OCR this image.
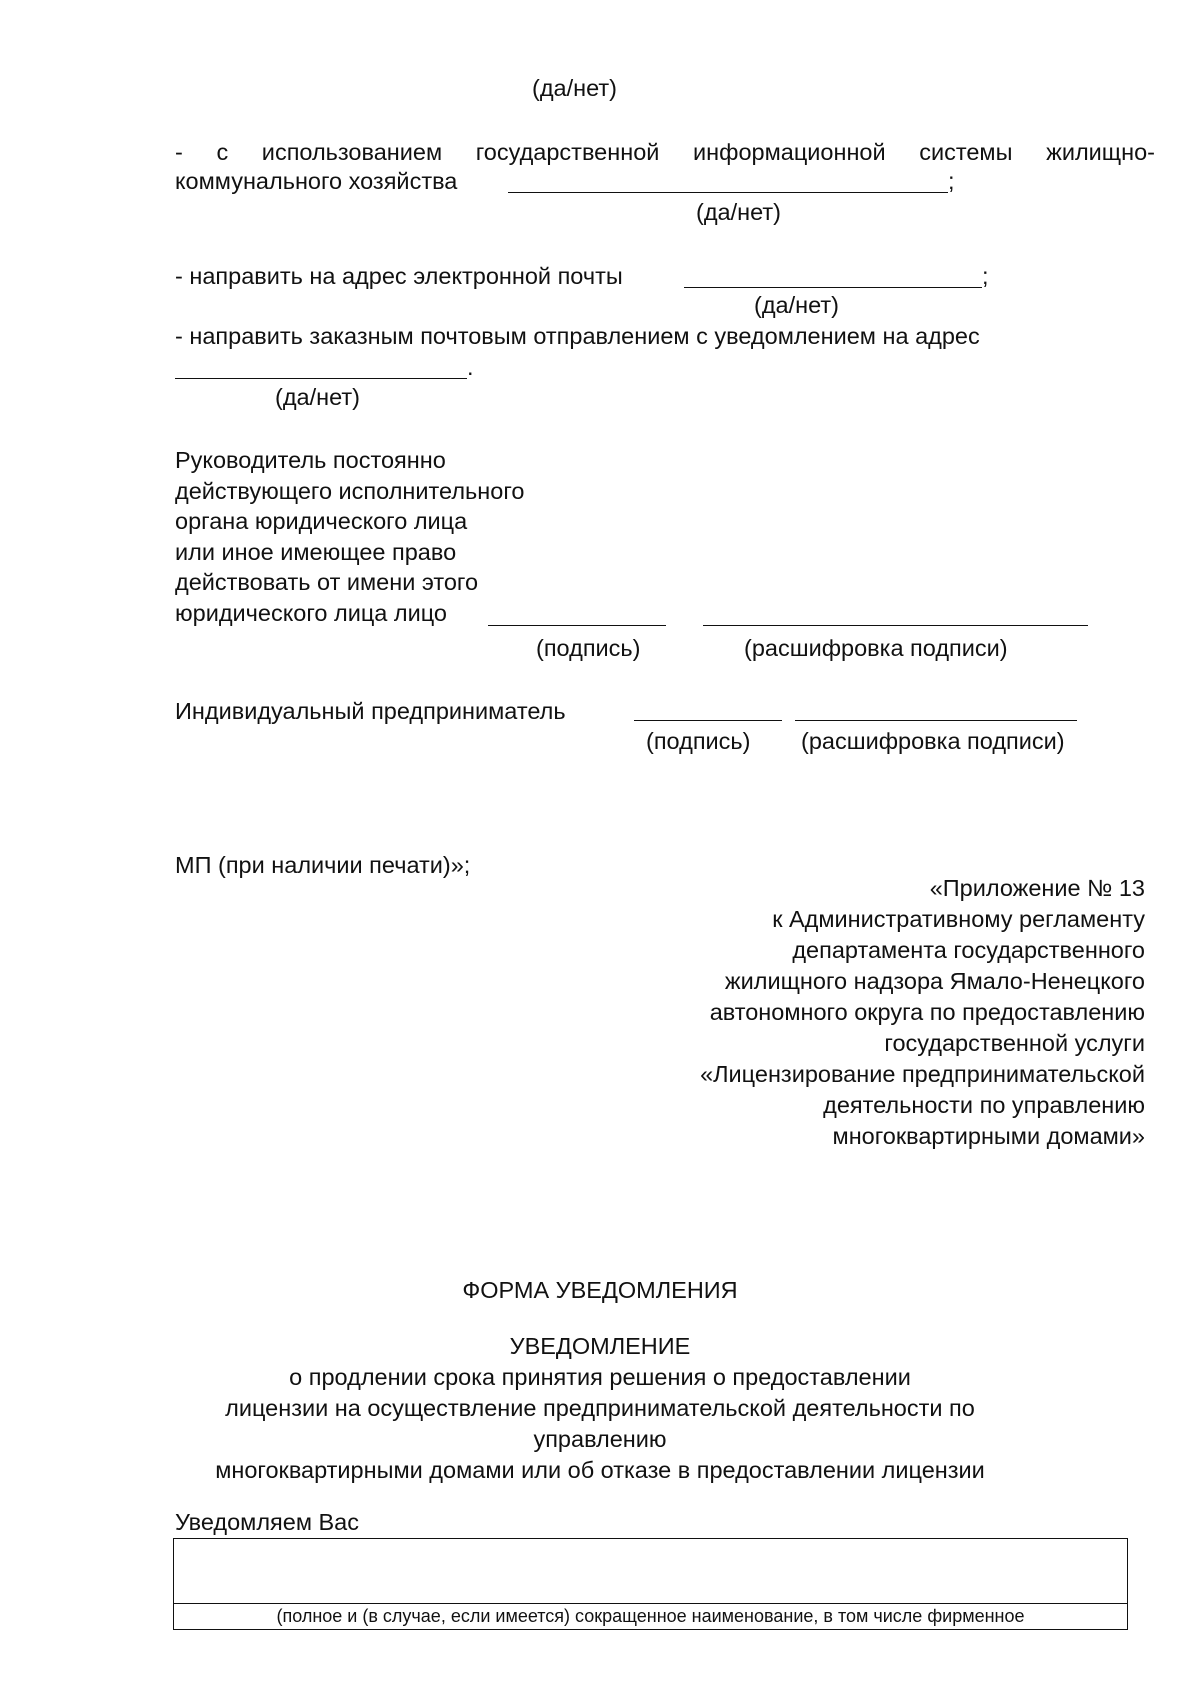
(да/нет)
- с использованием государственной информационной системы жилищно-
коммунального хозяйства	;
(да/нет)
- направить на адрес электронной почты	;
(да/нет)
- направить заказным почтовым отправлением с уведомлением на адрес
.
(да/нет)
Руководитель постоянно
действующего исполнительного
органа юридического лица
или иное имеющее право
действовать от имени этого
юридического лица лицо
(подпись)	(расшифровка подписи)
Индивидуальный предприниматель
(подпись) (расшифровка подписи)
МП (при наличии печати)»;
«Приложение № 13
к Административному регламенту
департамента государственного
жилищного надзора Ямало-Ненецкого
автономного округа по предоставлению
государственной услуги
«Лицензирование предпринимательской
деятельности по управлению
многоквартирными домами»
ФОРМА УВЕДОМЛЕНИЯ
УВЕДОМЛЕНИЕ
о продлении срока принятия решения о предоставлении
лицензии на осуществление предпринимательской деятельности по
управлению
многоквартирными домами или об отказе в предоставлении лицензии
Уведомляем Вас
(полное и (в случае, если имеется) сокращенное наименование, в том числе фирменное
